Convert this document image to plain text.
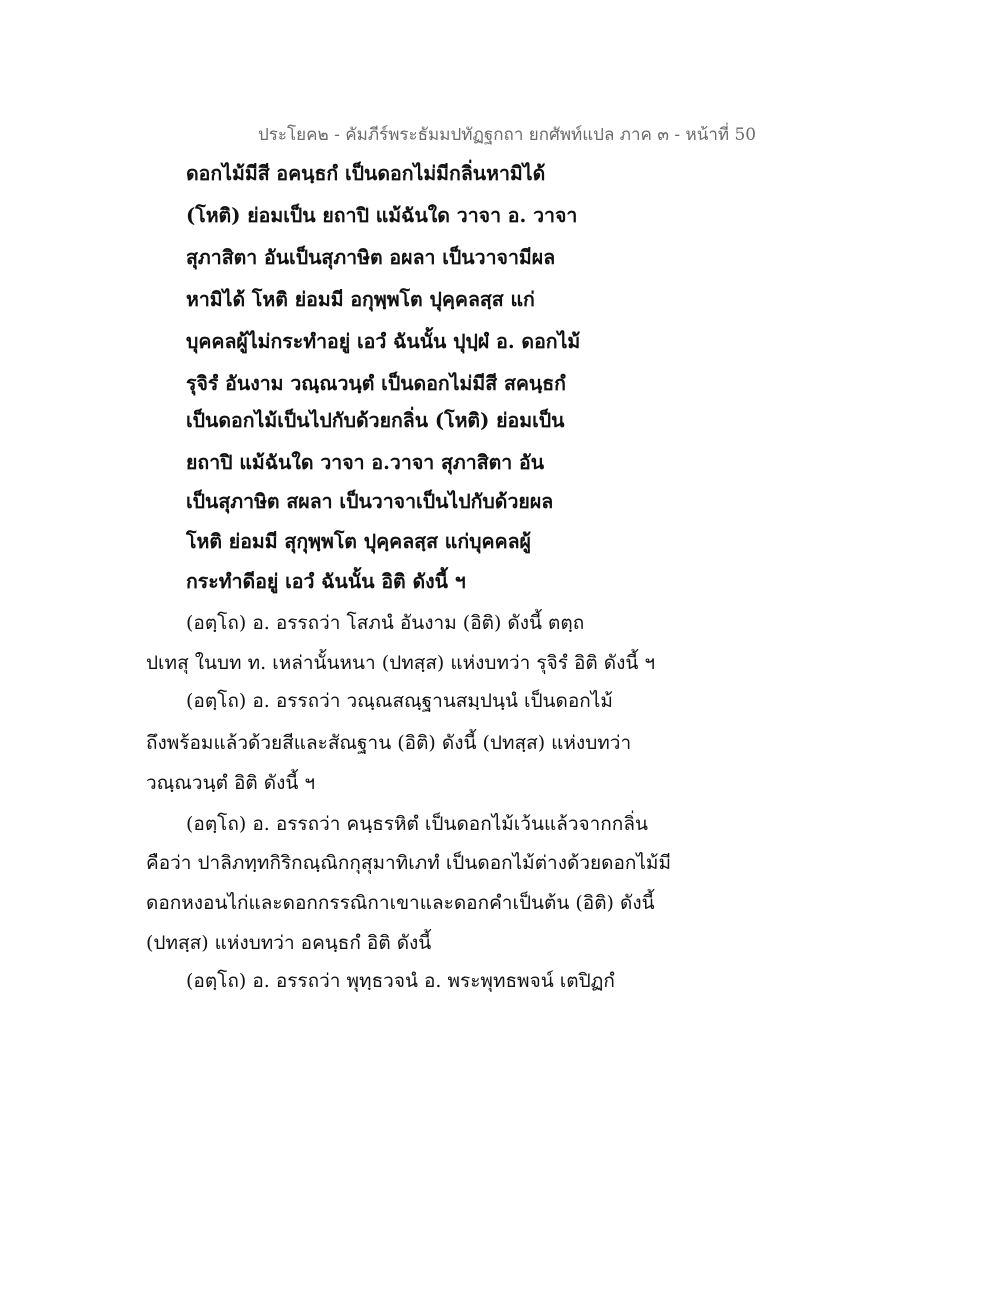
ประโยค๒ - คัมภีร์พระธัมมปทัฏฐกถา ยกศัพท์แปล ภาค ๓ - หน้าที่ 50
ดอกไม้มีสี อคนฺธกํ เป็นดอกไม่มีกลิ่นหามิได้
(โหติ) ย่อมเป็น ยถาปิ แม้ฉันใด วาจา อ. วาจา
สุภาสิตา อันเป็นสุภาษิต อผลา เป็นวาจามีผล
หามิได้ โหติ ย่อมมี อกุพฺพโต ปุคฺคลสฺส แก่
บุคคลผู้ไม่กระทำอยู่ เอวํ ฉันนั้น ปุปฺผํ อ. ดอกไม้
รุจิรํ อันงาม วณฺณวนฺตํ เป็นดอกไม่มีสี สคนฺธกํ
เป็นดอกไม้เป็นไปกับด้วยกลิ่น (โหติ) ย่อมเป็น
ยถาปิ แม้ฉันใด วาจา อ.วาจา สุภาสิตา อัน
เป็นสุภาษิต สผลา เป็นวาจาเป็นไปกับด้วยผล
โหติ ย่อมมี สุกุพฺพโต ปุคฺคลสฺส แก่บุคคลผู้
กระทำดีอยู่ เอวํ ฉันนั้น อิติ ดังนี้ ฯ
(อตฺโถ) อ. อรรถว่า โสภนํ อันงาม (อิติ) ดังนี้ ตตฺถ
ปเทสุ ในบท ท. เหล่านั้นหนา (ปทสฺส) แห่งบทว่า รุจิรํ อิติ ดังนี้ ฯ
(อตฺโถ) อ. อรรถว่า วณฺณสณฺฐานสมฺปนฺนํ เป็นดอกไม้
ถึงพร้อมแล้วด้วยสีและสัณฐาน (อิติ) ดังนี้ (ปทสฺส) แห่งบทว่า
วณฺณวนฺตํ อิติ ดังนี้ ฯ
(อตฺโถ) อ. อรรถว่า คนฺธรหิตํ เป็นดอกไม้เว้นแล้วจากกลิ่น
คือว่า ปาลิภทฺทกิริกณฺณิกกุสุมาทิเภทํ เป็นดอกไม้ต่างด้วยดอกไม้มี
ดอกหงอนไก่และดอกกรรณิกาเขาและดอกคำเป็นต้น (อิติ) ดังนี้
(ปทสฺส) แห่งบทว่า อคนฺธกํ อิติ ดังนี้
(อตฺโถ) อ. อรรถว่า พุทฺธวจนํ อ. พระพุทธพจน์ เตปิฏกํ
